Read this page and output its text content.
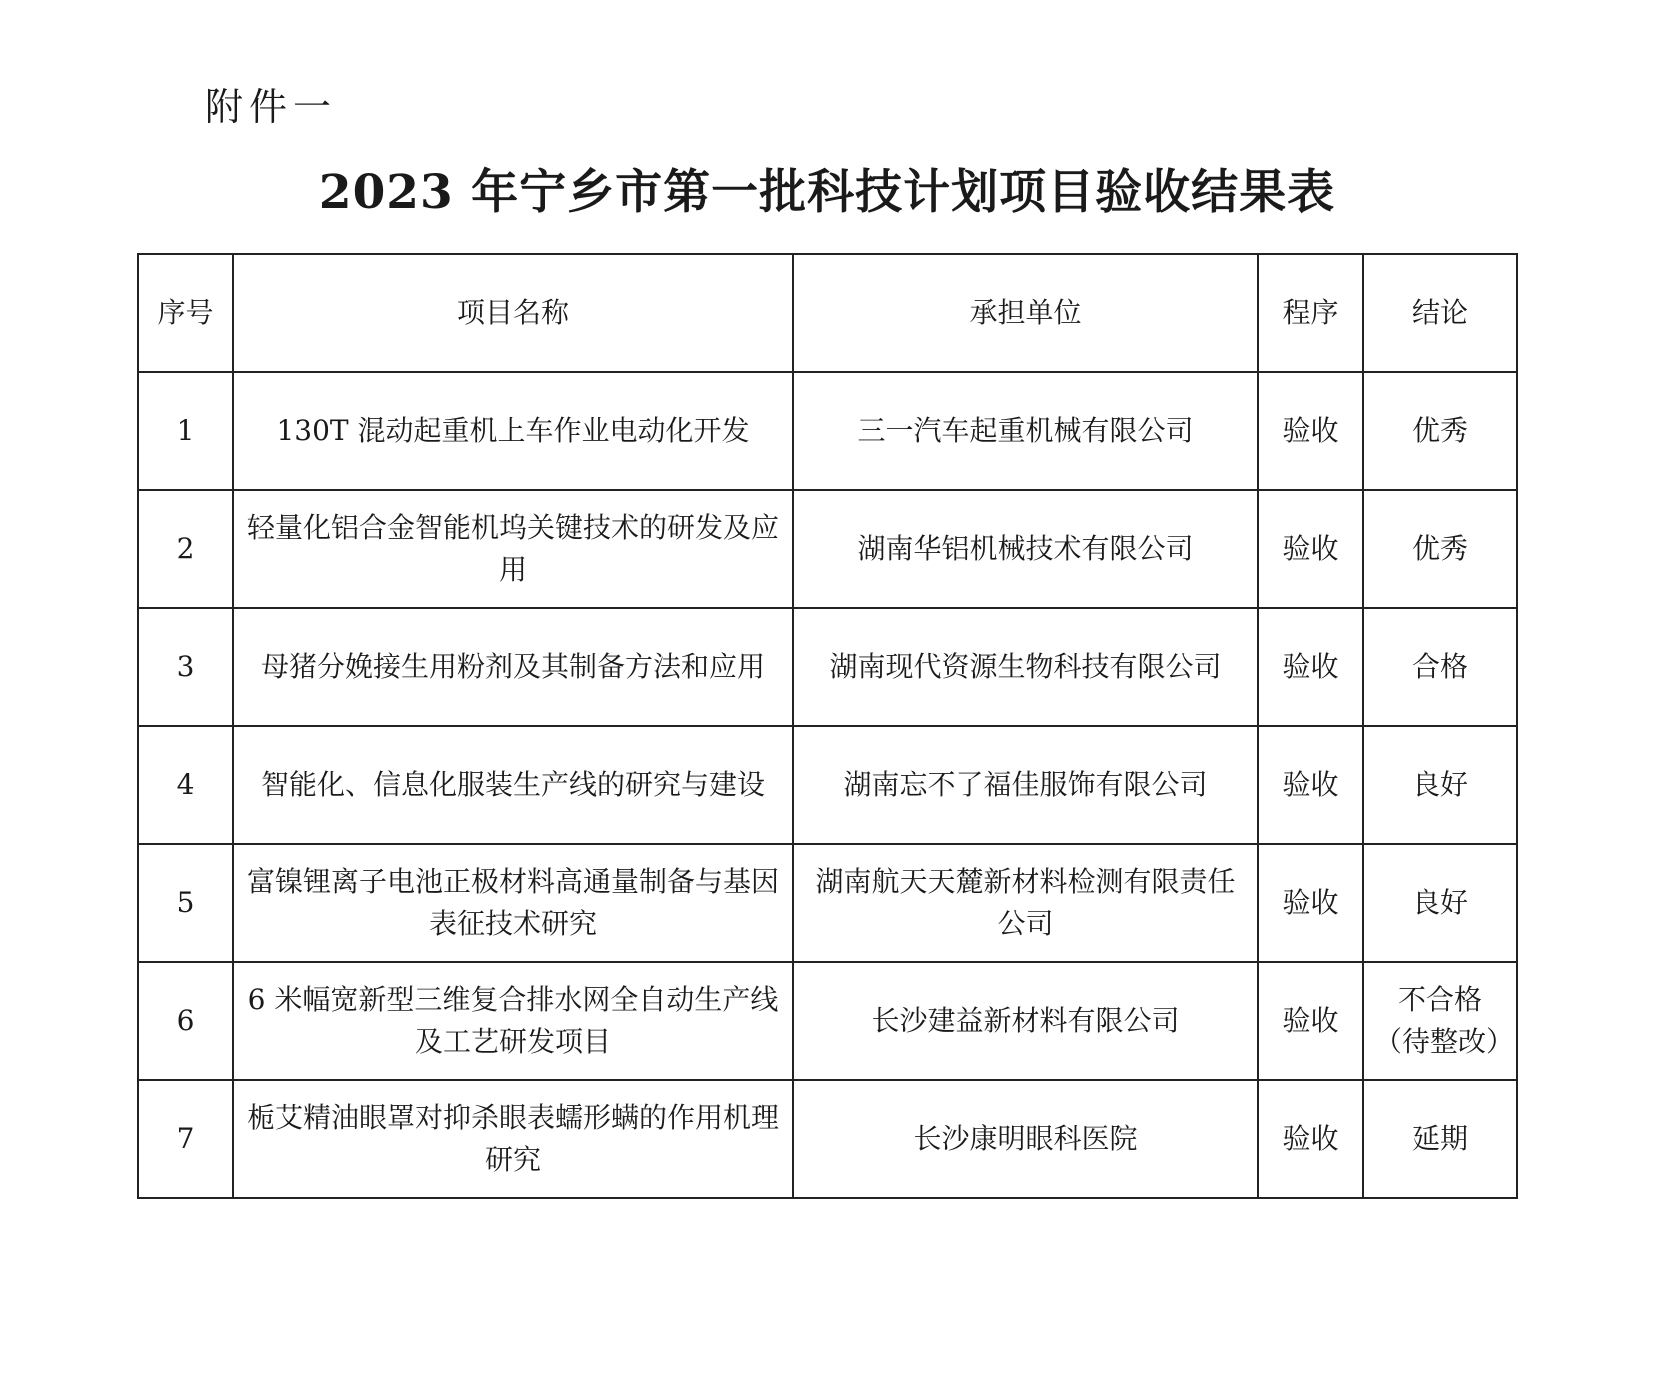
附件一
2023 年宁乡市第一批科技计划项目验收结果表
序号	项目名称	承担单位	程序	结论
1	130T 混动起重机上车作业电动化开发	三一汽车起重机械有限公司	验收	优秀
2	轻量化铝合金智能机坞关键技术的研发及应用	湖南华铝机械技术有限公司	验收	优秀
3	母猪分娩接生用粉剂及其制备方法和应用	湖南现代资源生物科技有限公司	验收	合格
4	智能化、信息化服装生产线的研究与建设	湖南忘不了福佳服饰有限公司	验收	良好
5	富镍锂离子电池正极材料高通量制备与基因表征技术研究	湖南航天天麓新材料检测有限责任公司	验收	良好
6	6 米幅宽新型三维复合排水网全自动生产线及工艺研发项目	长沙建益新材料有限公司	验收	不合格（待整改）
7	栀艾精油眼罩对抑杀眼表蠕形螨的作用机理研究	长沙康明眼科医院	验收	延期
